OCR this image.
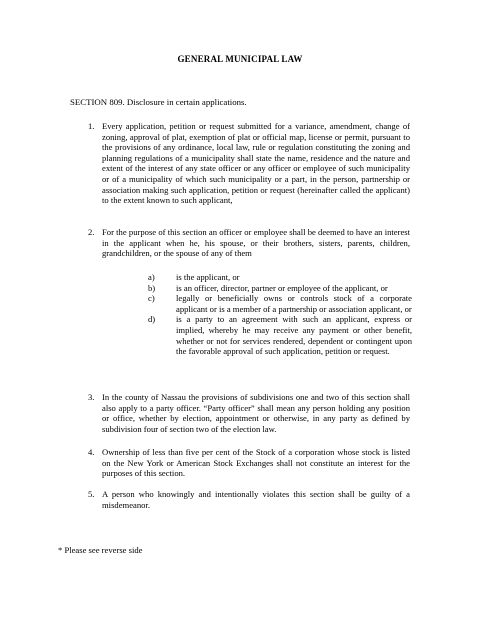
GENERAL MUNICIPAL LAW
SECTION 809. Disclosure in certain applications.
1. Every application, petition or request submitted for a variance, amendment, change of zoning, approval of plat, exemption of plat or official map, license or permit, pursuant to the provisions of any ordinance, local law, rule or regulation constituting the zoning and planning regulations of a municipality shall state the name, residence and the nature and extent of the interest of any state officer or any officer or employee of such municipality or of a municipality of which such municipality or a part, in the person, partnership or association making such application, petition or request (hereinafter called the applicant) to the extent known to such applicant,
2. For the purpose of this section an officer or employee shall be deemed to have an interest in the applicant when he, his spouse, or their brothers, sisters, parents, children, grandchildren, or the spouse of any of them
a) is the applicant, or
b) is an officer, director, partner or employee of the applicant, or
c) legally or beneficially owns or controls stock of a corporate applicant or is a member of a partnership or association applicant, or
d) is a party to an agreement with such an applicant, express or implied, whereby he may receive any payment or other benefit, whether or not for services rendered, dependent or contingent upon the favorable approval of such application, petition or request.
3. In the county of Nassau the provisions of subdivisions one and two of this section shall also apply to a party officer. “Party officer” shall mean any person holding any position or office, whether by election, appointment or otherwise, in any party as defined by subdivision four of section two of the election law.
4. Ownership of less than five per cent of the Stock of a corporation whose stock is listed on the New York or American Stock Exchanges shall not constitute an interest for the purposes of this section.
5. A person who knowingly and intentionally violates this section shall be guilty of a misdemeanor.
* Please see reverse side
